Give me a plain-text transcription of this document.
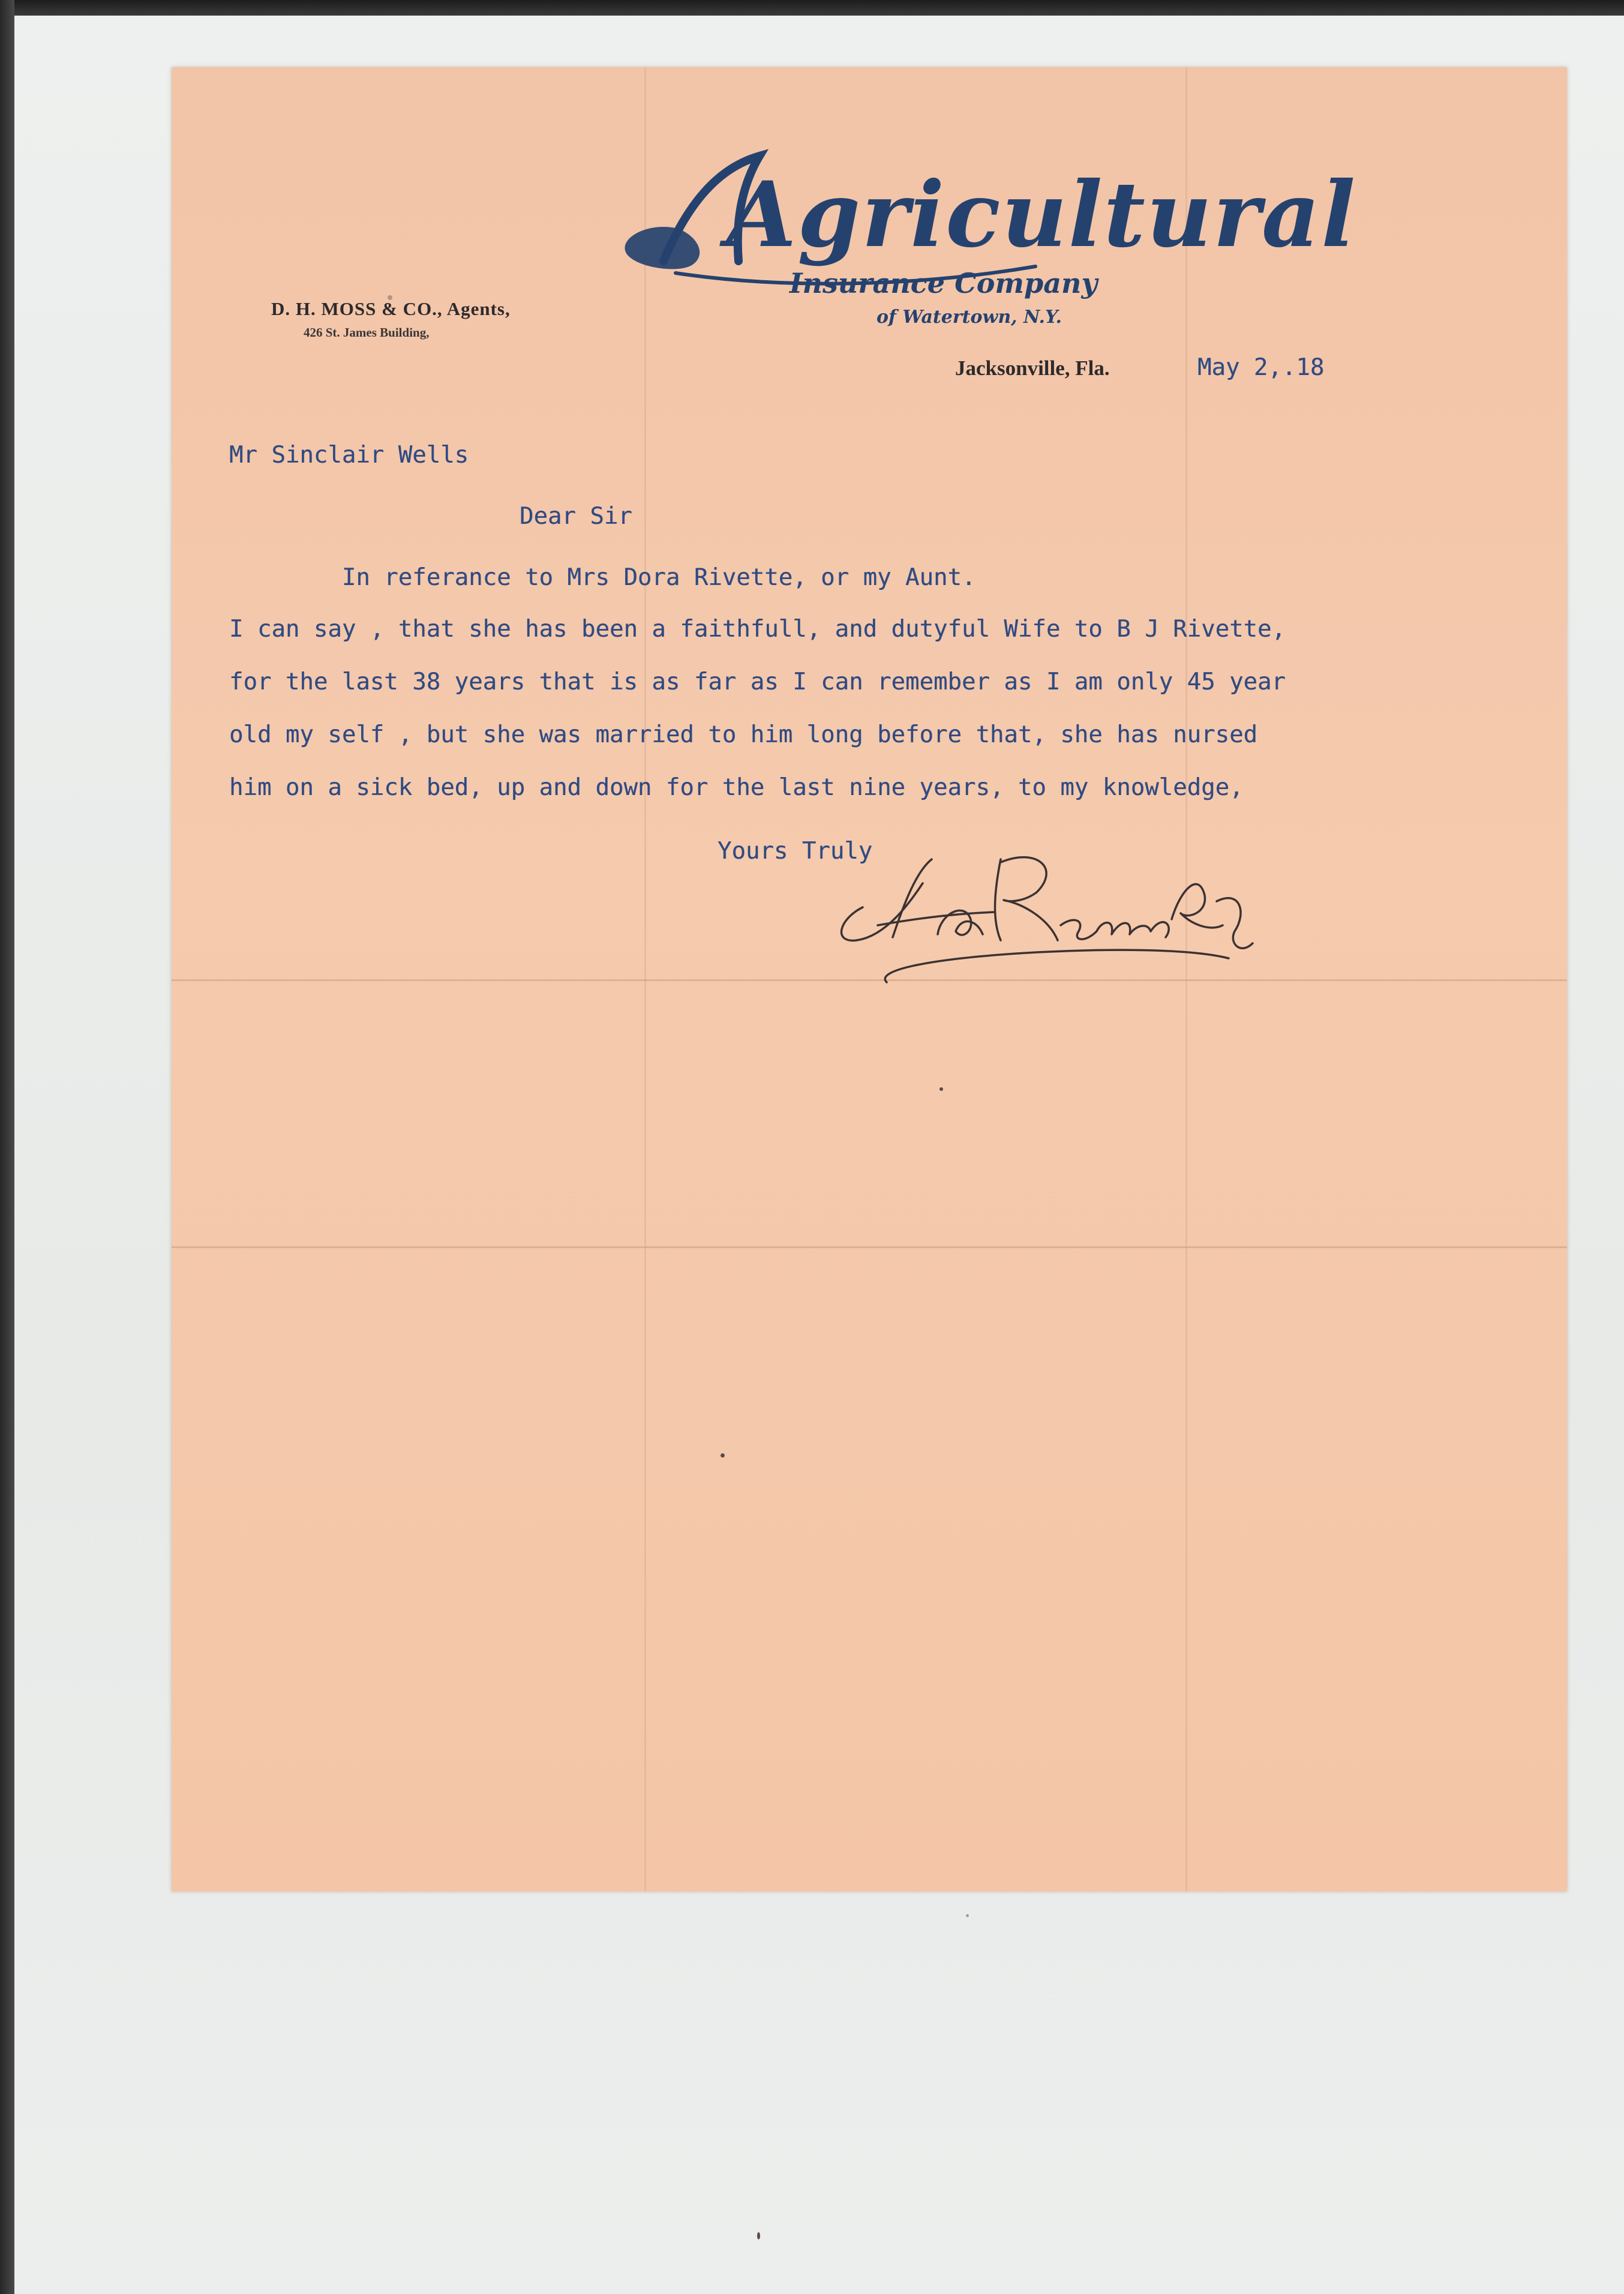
Agricultural
Insurance Company
of Watertown, N.Y.
D. H. MOSS & CO., Agents,
426 St. James Building,
Jacksonville, Fla.	May 2,.18
Mr Sinclair Wells
Dear Sir
In referance to Mrs Dora Rivette, or my Aunt.
I can say , that she has been a faithfull, and dutyful Wife to B J Rivette,
for the last 38 years that is as far as I can remember as I am only 45 year
old my self , but she was married to him long before that, she has nursed
him on a sick bed, up and down for the last nine years, to my knowledge,
Yours Truly
